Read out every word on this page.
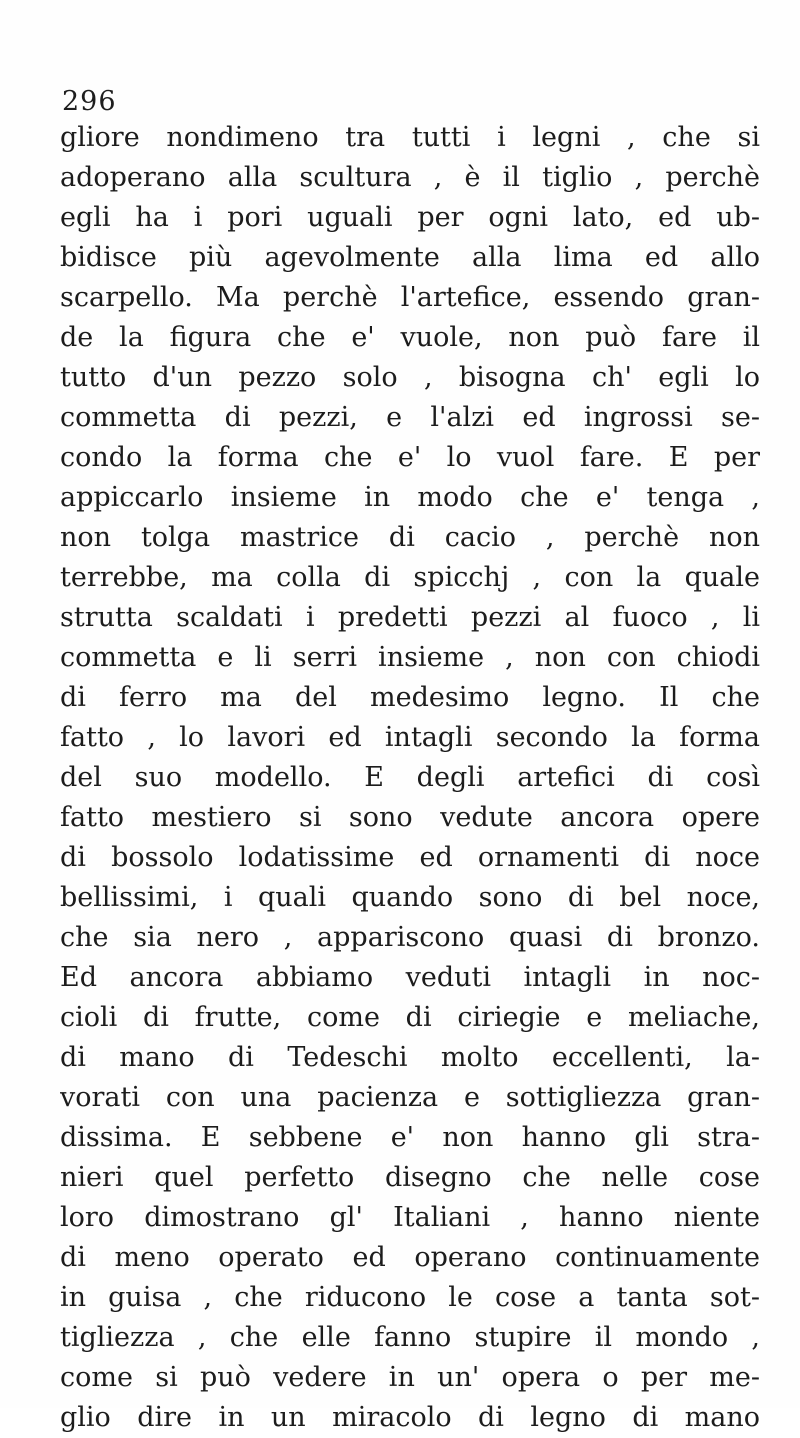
296
gliore nondimeno tra tutti i legni , che si
adoperano alla scultura , è il tiglio , perchè
egli ha i pori uguali per ogni lato, ed ub-
bidisce più agevolmente alla lima ed allo
scarpello. Ma perchè l'artefice, essendo gran-
de la figura che e' vuole, non può fare il
tutto d'un pezzo solo , bisogna ch' egli lo
commetta di pezzi, e l'alzi ed ingrossi se-
condo la forma che e' lo vuol fare. E per
appiccarlo insieme in modo che e' tenga ,
non tolga mastrice di cacio , perchè non
terrebbe, ma colla di spicchj , con la quale
strutta scaldati i predetti pezzi al fuoco , li
commetta e li serri insieme , non con chiodi
di ferro ma del medesimo legno. Il che
fatto , lo lavori ed intagli secondo la forma
del suo modello. E degli artefici di così
fatto mestiero si sono vedute ancora opere
di bossolo lodatissime ed ornamenti di noce
bellissimi, i quali quando sono di bel noce,
che sia nero , appariscono quasi di bronzo.
Ed ancora abbiamo veduti intagli in noc-
cioli di frutte, come di ciriegie e meliache,
di mano di Tedeschi molto eccellenti, la-
vorati con una pacienza e sottigliezza gran-
dissima. E sebbene e' non hanno gli stra-
nieri quel perfetto disegno che nelle cose
loro dimostrano gl' Italiani , hanno niente
di meno operato ed operano continuamente
in guisa , che riducono le cose a tanta sot-
tigliezza , che elle fanno stupire il mondo ,
come si può vedere in un' opera o per me-
glio dire in un miracolo di legno di mano
